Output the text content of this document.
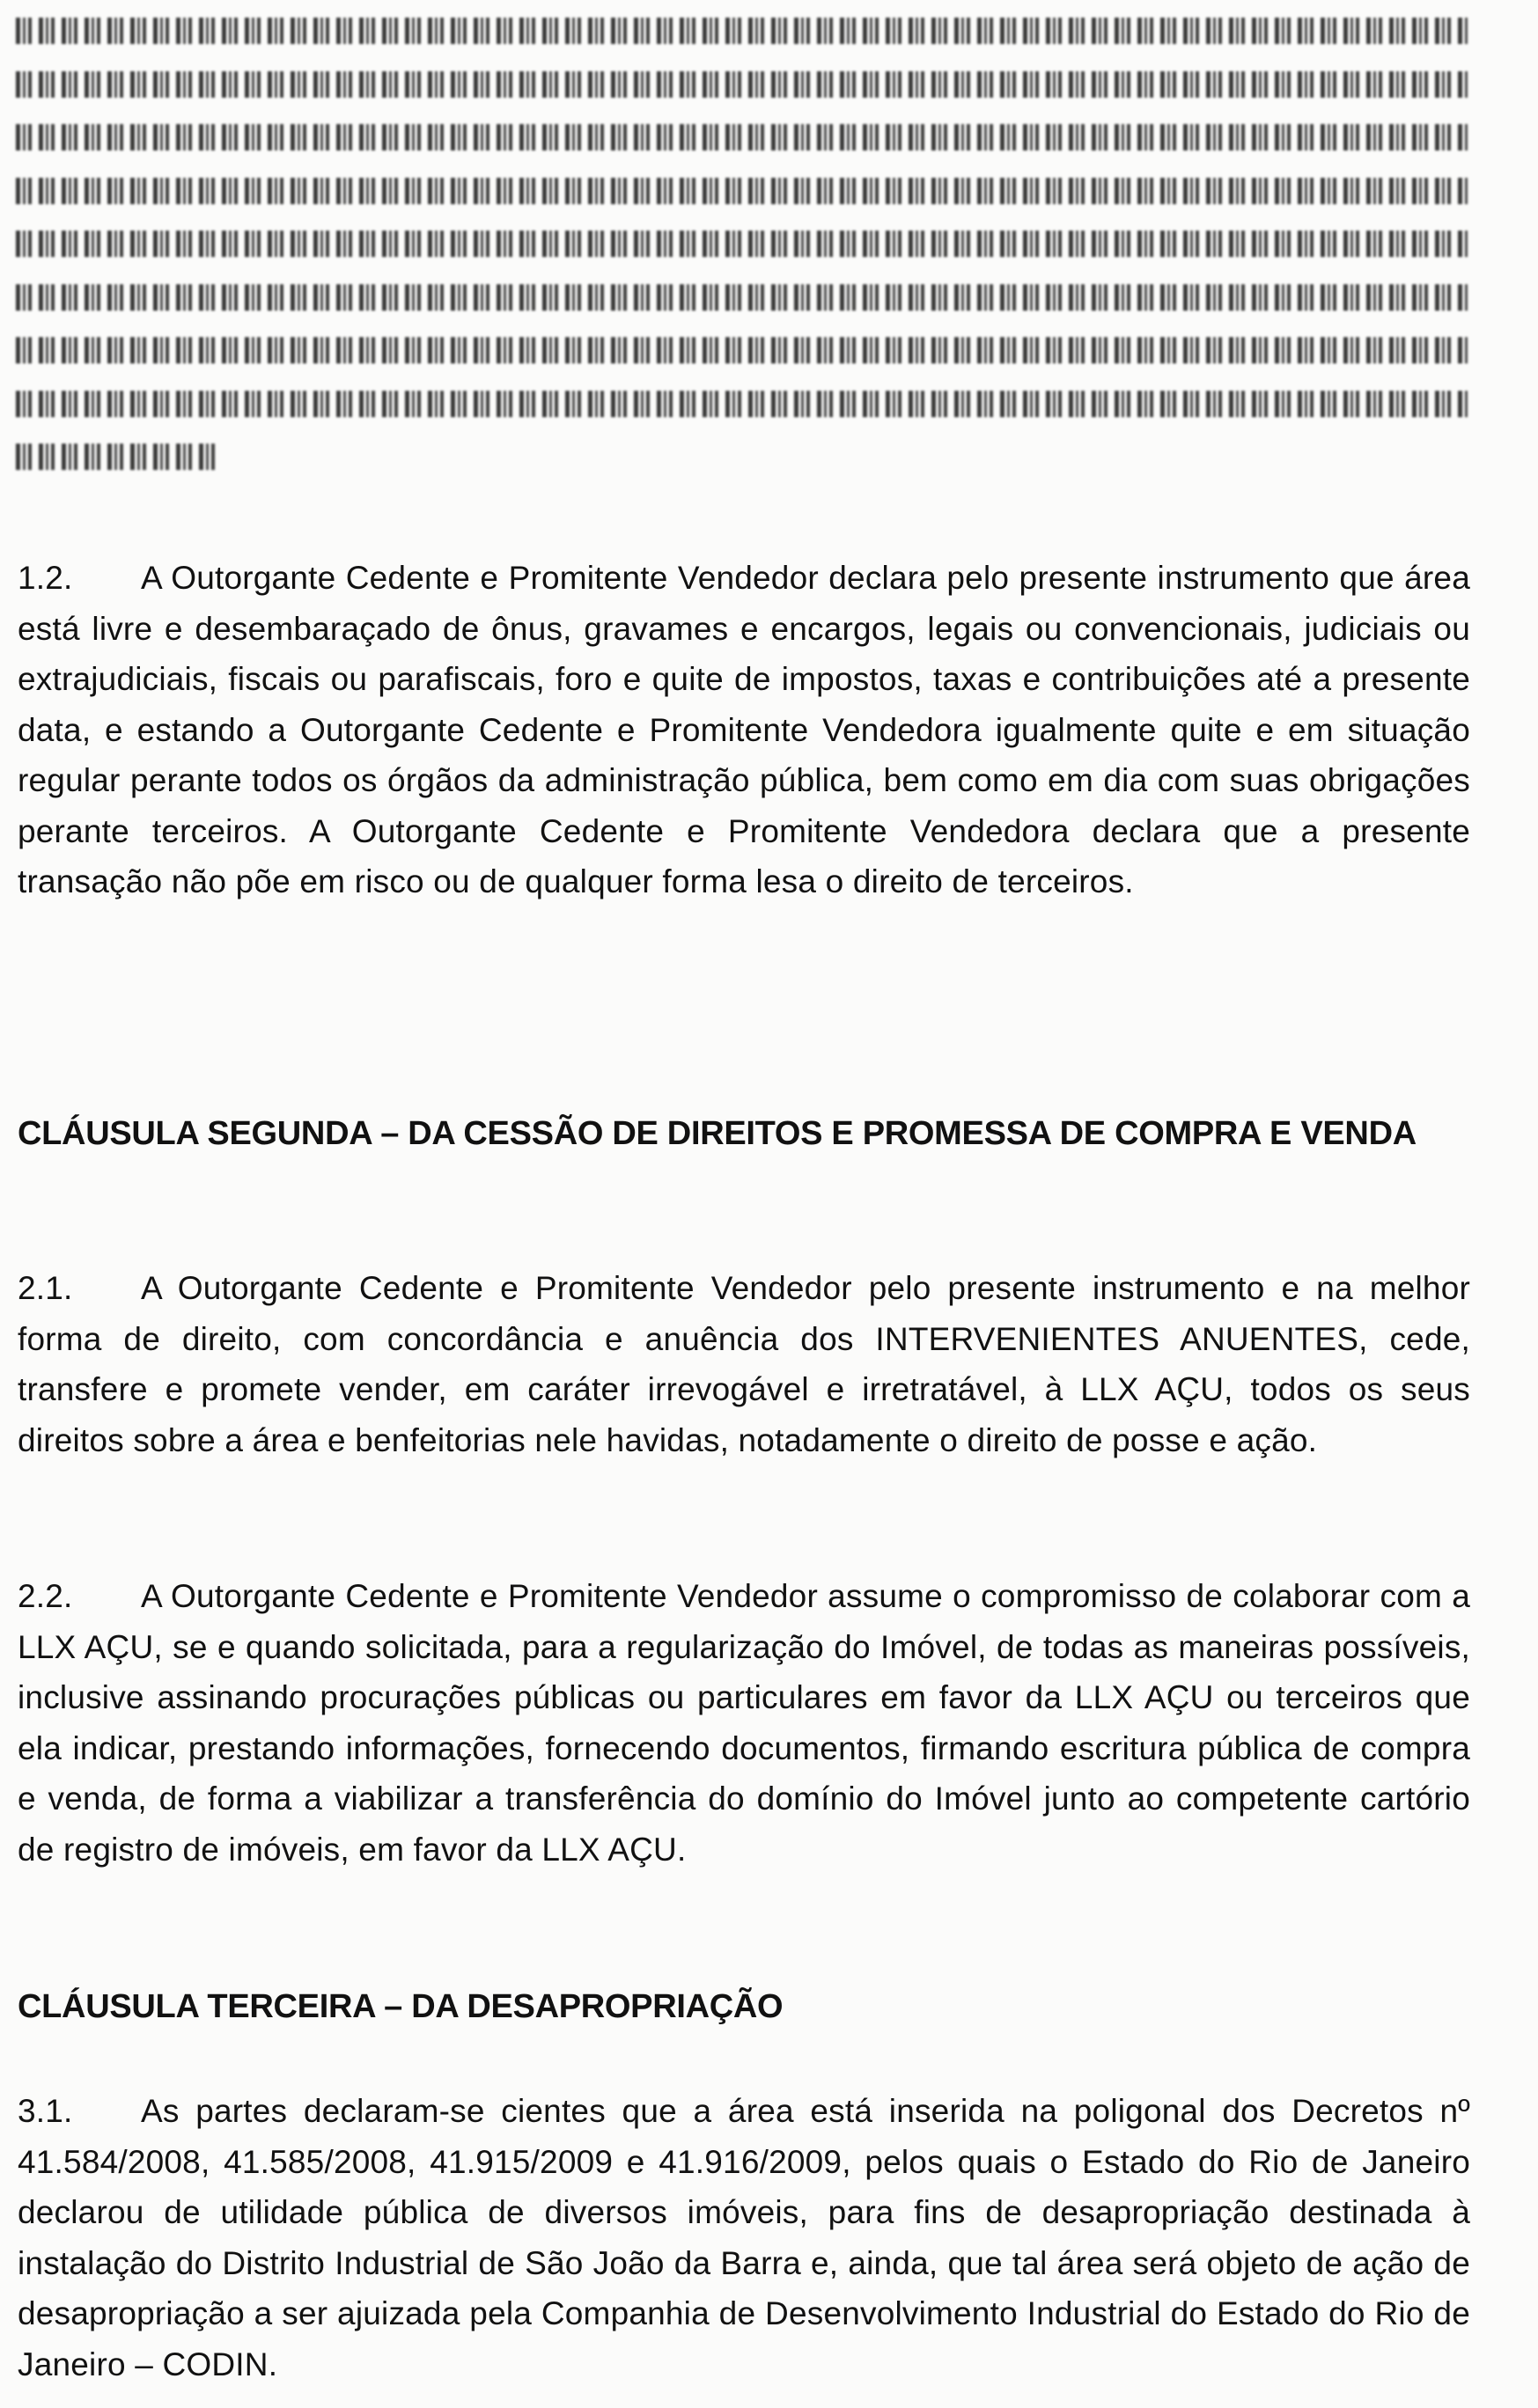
1.2. A Outorgante Cedente e Promitente Vendedor declara pelo presente instrumento que área está livre e desembaraçado de ônus, gravames e encargos, legais ou convencionais, judiciais ou extrajudiciais, fiscais ou parafiscais, foro e quite de impostos, taxas e contribuições até a presente data, e estando a Outorgante Cedente e Promitente Vendedora igualmente quite e em situação regular perante todos os órgãos da administração pública, bem como em dia com suas obrigações perante terceiros. A Outorgante Cedente e Promitente Vendedora declara que a presente transação não põe em risco ou de qualquer forma lesa o direito de terceiros.

CLÁUSULA SEGUNDA – DA CESSÃO DE DIREITOS E PROMESSA DE COMPRA E VENDA

2.1. A Outorgante Cedente e Promitente Vendedor pelo presente instrumento e na melhor forma de direito, com concordância e anuência dos INTERVENIENTES ANUENTES, cede, transfere e promete vender, em caráter irrevogável e irretratável, à LLX AÇU, todos os seus direitos sobre a área e benfeitorias nele havidas, notadamente o direito de posse e ação.

2.2. A Outorgante Cedente e Promitente Vendedor assume o compromisso de colaborar com a LLX AÇU, se e quando solicitada, para a regularização do Imóvel, de todas as maneiras possíveis, inclusive assinando procurações públicas ou particulares em favor da LLX AÇU ou terceiros que ela indicar, prestando informações, fornecendo documentos, firmando escritura pública de compra e venda, de forma a viabilizar a transferência do domínio do Imóvel junto ao competente cartório de registro de imóveis, em favor da LLX AÇU.

CLÁUSULA TERCEIRA – DA DESAPROPRIAÇÃO

3.1. As partes declaram-se cientes que a área está inserida na poligonal dos Decretos nº 41.584/2008, 41.585/2008, 41.915/2009 e 41.916/2009, pelos quais o Estado do Rio de Janeiro declarou de utilidade pública de diversos imóveis, para fins de desapropriação destinada à instalação do Distrito Industrial de São João da Barra e, ainda, que tal área será objeto de ação de desapropriação a ser ajuizada pela Companhia de Desenvolvimento Industrial do Estado do Rio de Janeiro – CODIN.
